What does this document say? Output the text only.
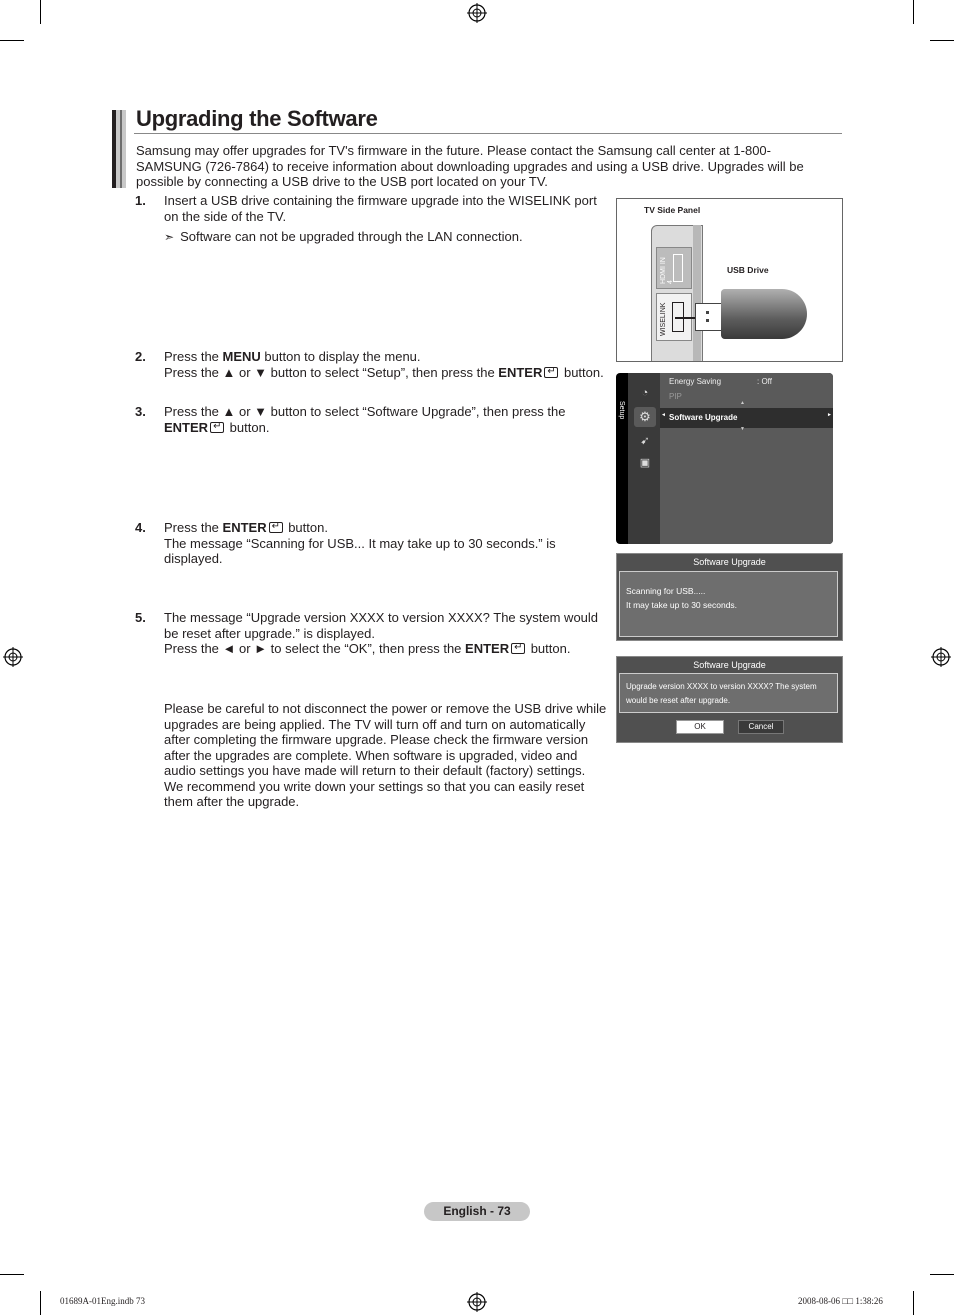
Upgrading the Software
Samsung may offer upgrades for TV's firmware in the future. Please contact the Samsung call center at 1-800-SAMSUNG (726-7864) to receive information about downloading upgrades and using a USB drive. Upgrades will be possible by connecting a USB drive to the USB port located on your TV.
1. Insert a USB drive containing the firmware upgrade into the WISELINK port
on the side of the TV.
➣ Software can not be upgraded through the LAN connection.
2. Press the MENU button to display the menu.
Press the ▲ or ▼ button to select “Setup”, then press the ENTER↵ button.
3. Press the ▲ or ▼ button to select “Software Upgrade”, then press the
ENTER↵ button.
4. Press the ENTER↵ button.
The message “Scanning for USB... It may take up to 30 seconds.” is
displayed.
5. The message “Upgrade version XXXX to version XXXX? The system would
be reset after upgrade.” is displayed.
Press the ◄ or ► to select the “OK”, then press the ENTER↵ button.
Please be careful to not disconnect the power or remove the USB drive while upgrades are being applied. The TV will turn off and turn on automatically after completing the firmware upgrade. Please check the firmware version after the upgrades are complete. When software is upgraded, video and audio settings you have made will return to their default (factory) settings. We recommend you write down your settings so that you can easily reset them after the upgrade.
TV Side Panel
USB Drive
HDMI IN 4
WISELINK
Setup
◔
⚙
➹
▣
Energy Saving	: Off
PIP
▲
◄ Software Upgrade	►
▼
Software Upgrade
Scanning for USB.....
It may take up to 30 seconds.
Software Upgrade
Upgrade version XXXX to version XXXX? The system
would be reset after upgrade.
OK	Cancel
English - 73
01689A-01Eng.indb 73	2008-08-06 □□ 1:38:26
